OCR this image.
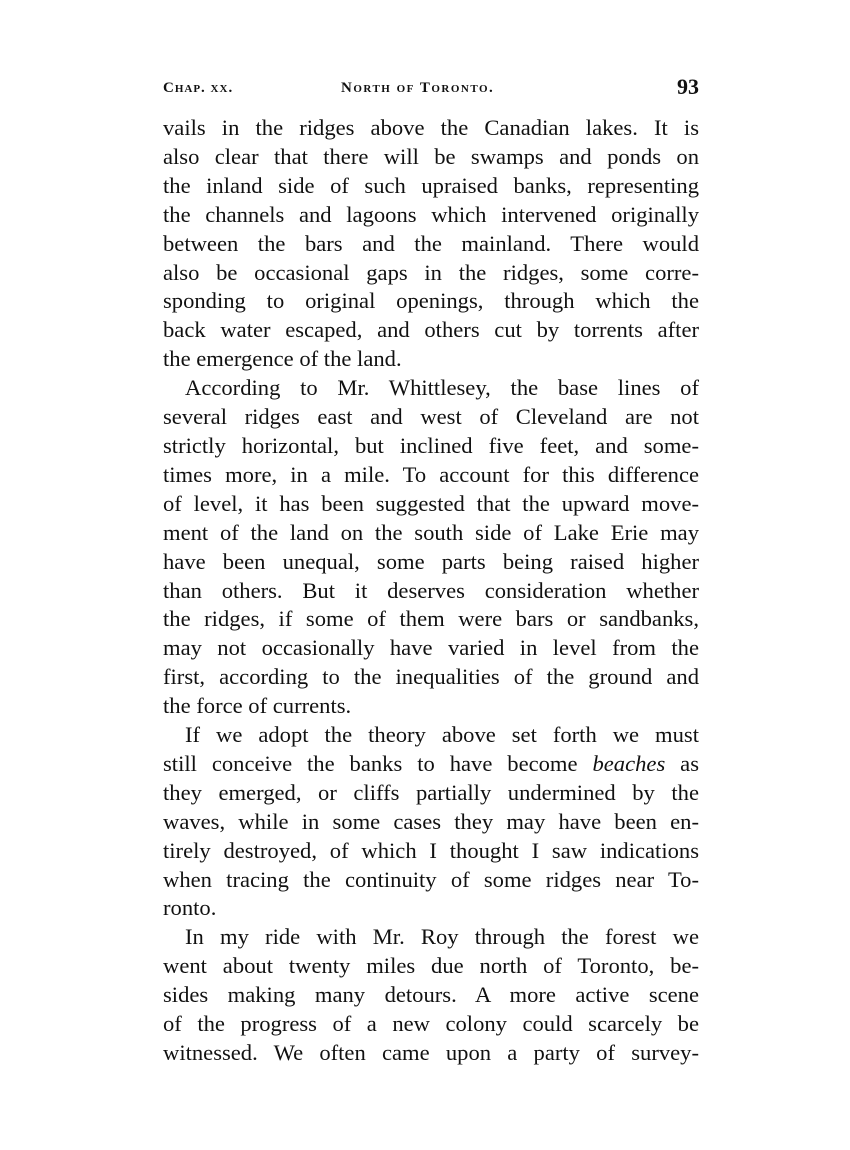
Chap. xx.	North of Toronto.	93
vails in the ridges above the Canadian lakes. It is
also clear that there will be swamps and ponds on
the inland side of such upraised banks, representing
the channels and lagoons which intervened originally
between the bars and the mainland. There would
also be occasional gaps in the ridges, some corre-
sponding to original openings, through which the
back water escaped, and others cut by torrents after
the emergence of the land.
According to Mr. Whittlesey, the base lines of
several ridges east and west of Cleveland are not
strictly horizontal, but inclined five feet, and some-
times more, in a mile. To account for this difference
of level, it has been suggested that the upward move-
ment of the land on the south side of Lake Erie may
have been unequal, some parts being raised higher
than others. But it deserves consideration whether
the ridges, if some of them were bars or sandbanks,
may not occasionally have varied in level from the
first, according to the inequalities of the ground and
the force of currents.
If we adopt the theory above set forth we must
still conceive the banks to have become beaches as
they emerged, or cliffs partially undermined by the
waves, while in some cases they may have been en-
tirely destroyed, of which I thought I saw indications
when tracing the continuity of some ridges near To-
ronto.
In my ride with Mr. Roy through the forest we
went about twenty miles due north of Toronto, be-
sides making many detours. A more active scene
of the progress of a new colony could scarcely be
witnessed. We often came upon a party of survey-
